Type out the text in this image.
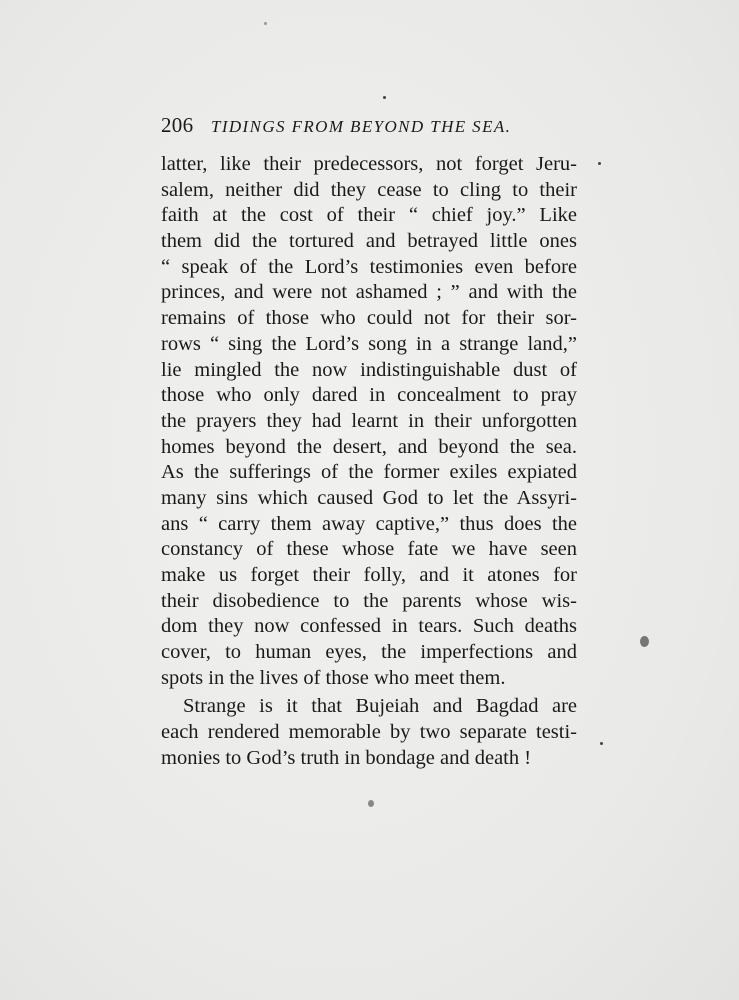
206 TIDINGS FROM BEYOND THE SEA.
latter, like their predecessors, not forget Jeru-
salem, neither did they cease to cling to their
faith at the cost of their “ chief joy.” Like
them did the tortured and betrayed little ones
“ speak of the Lord’s testimonies even before
princes, and were not ashamed ; ” and with the
remains of those who could not for their sor-
rows “ sing the Lord’s song in a strange land,”
lie mingled the now indistinguishable dust of
those who only dared in concealment to pray
the prayers they had learnt in their unforgotten
homes beyond the desert, and beyond the sea.
As the sufferings of the former exiles expiated
many sins which caused God to let the Assyri-
ans “ carry them away captive,” thus does the
constancy of these whose fate we have seen
make us forget their folly, and it atones for
their disobedience to the parents whose wis-
dom they now confessed in tears. Such deaths
cover, to human eyes, the imperfections and
spots in the lives of those who meet them.
Strange is it that Bujeiah and Bagdad are
each rendered memorable by two separate testi-
monies to God’s truth in bondage and death !
